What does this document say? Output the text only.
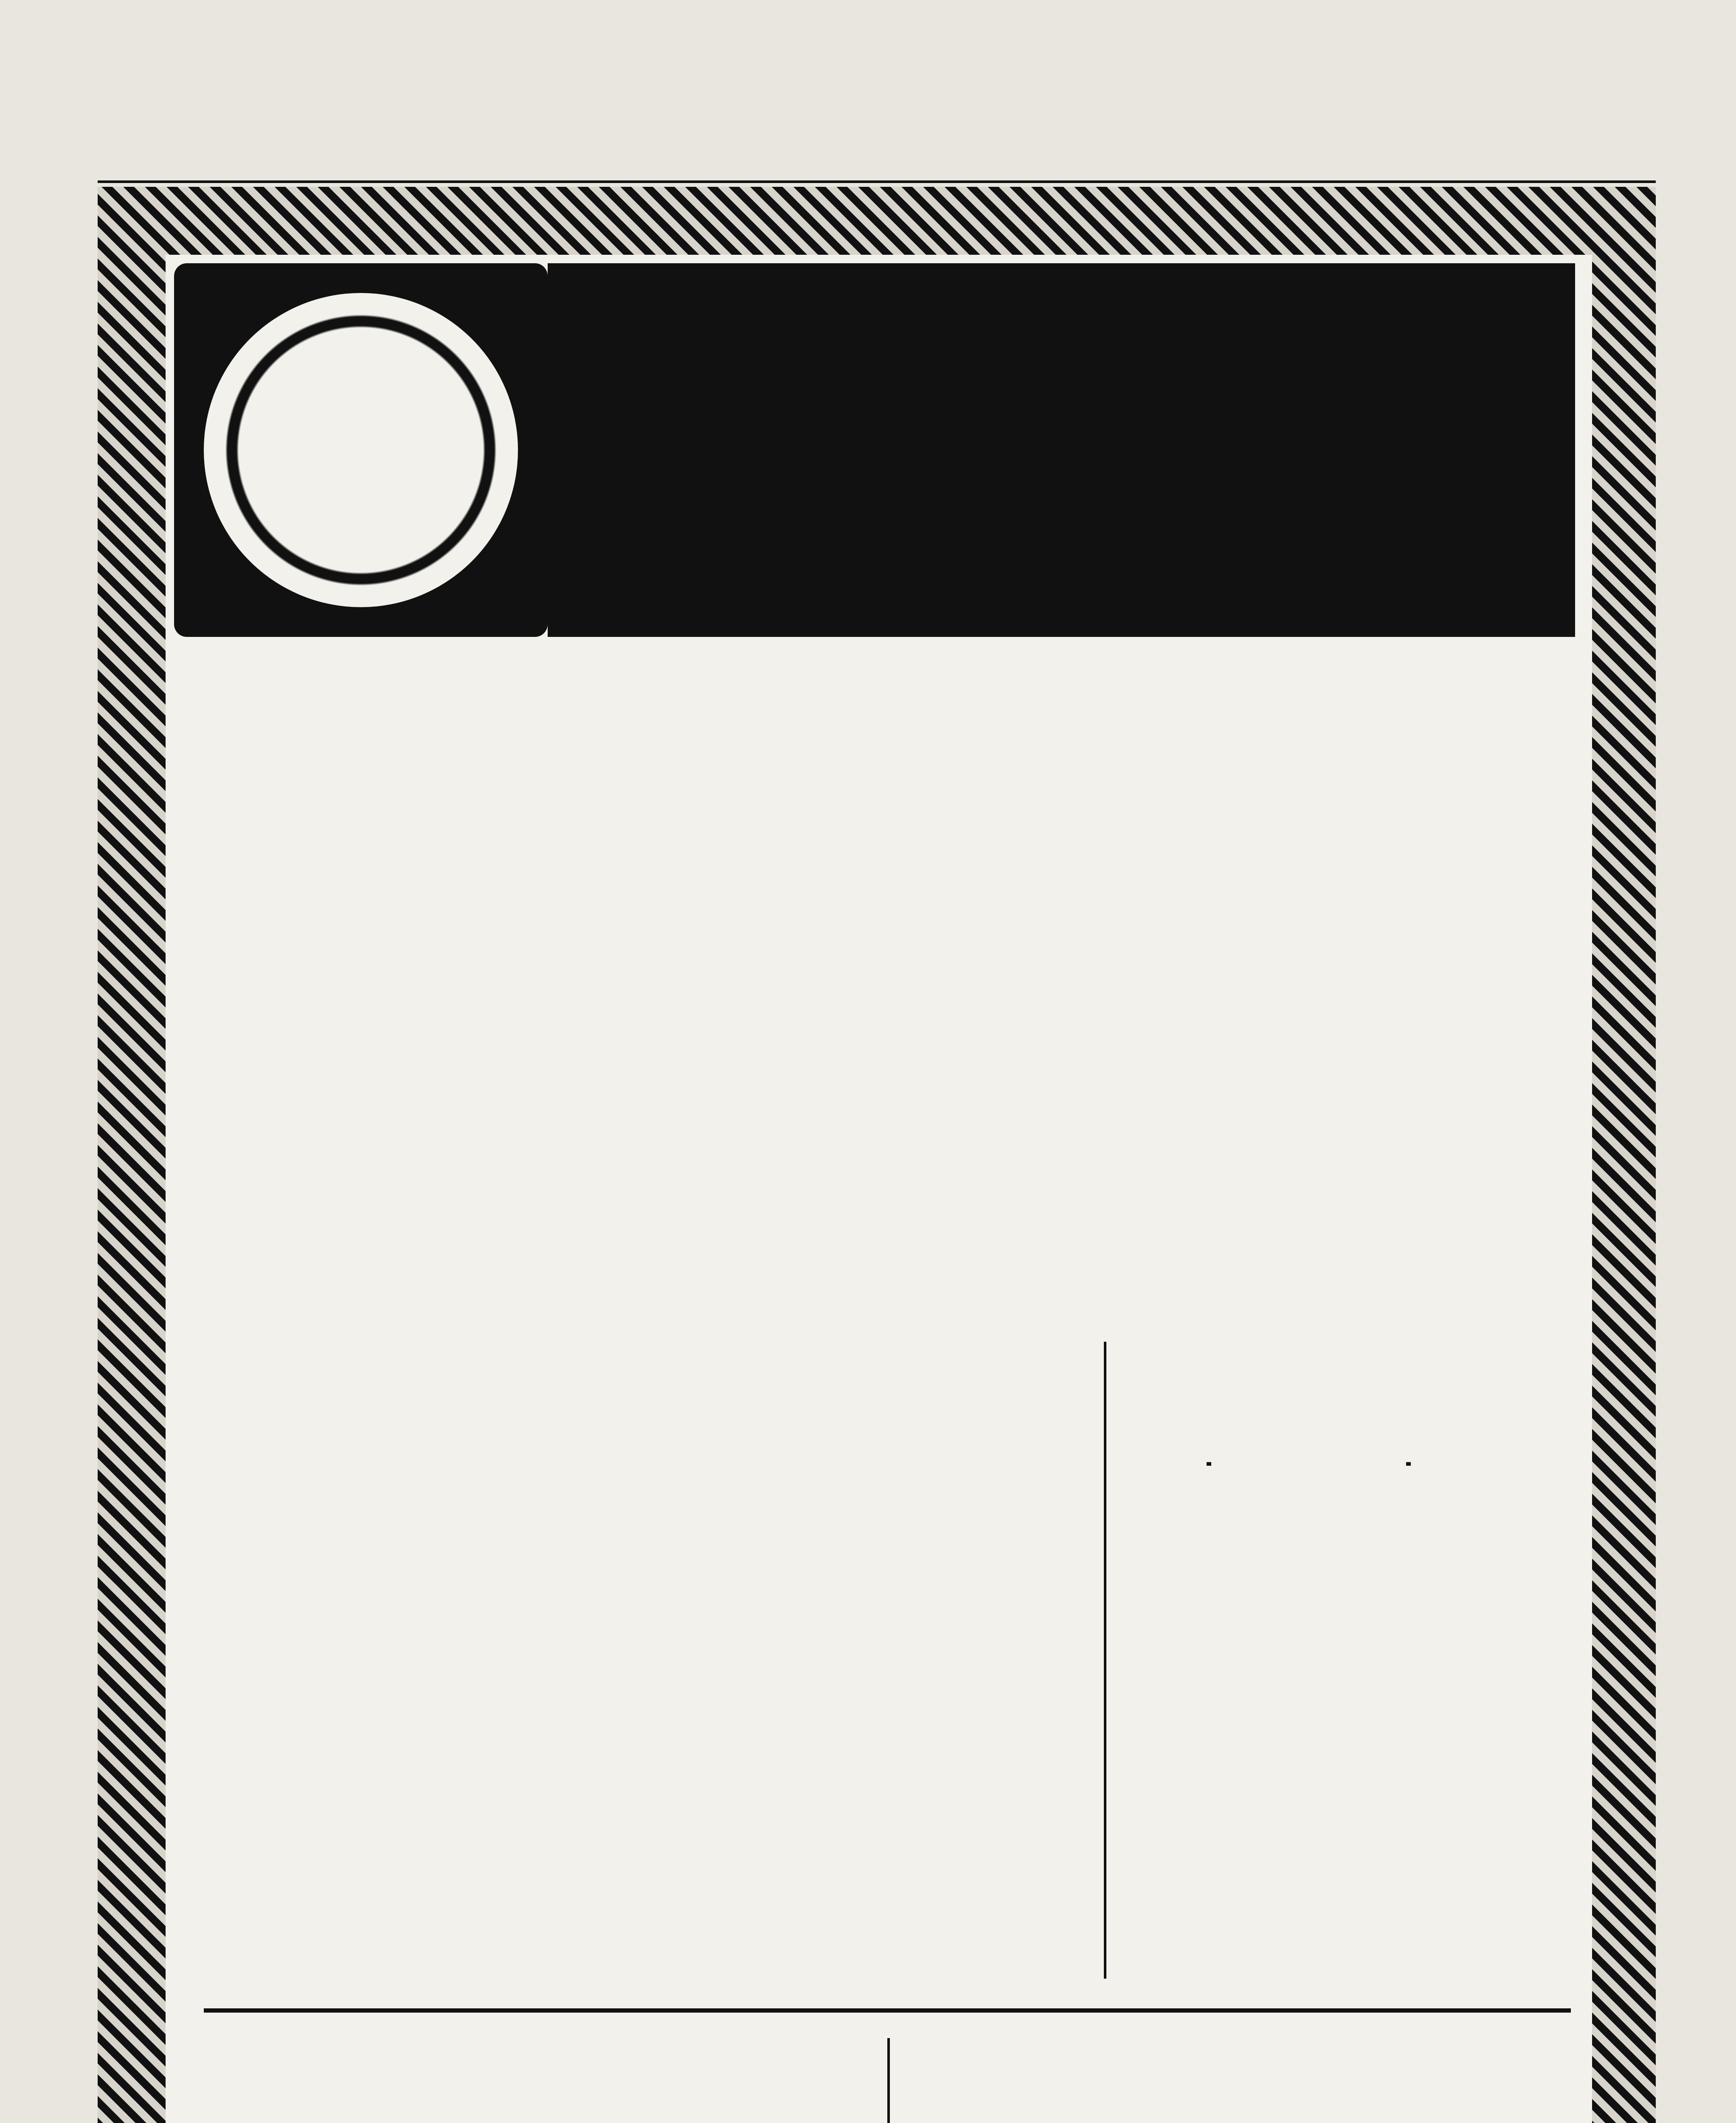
-	-
